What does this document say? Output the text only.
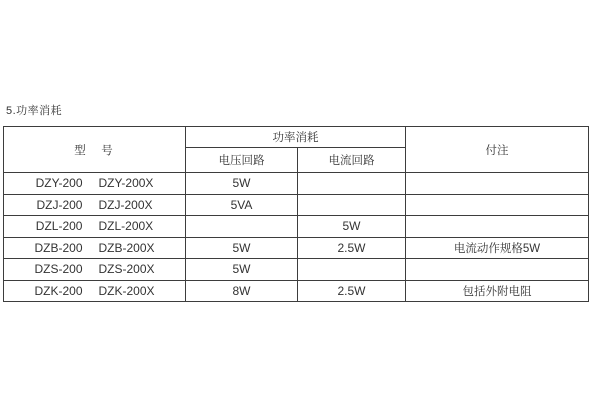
5.功率消耗
型　号	功率消耗		付注
	电压回路	电流回路	

DZY-200 DZY-200X	5W		

DZJ-200 DZJ-200X	5VA		

DZL-200 DZL-200X		5W	

DZB-200 DZB-200X	5W	2.5W	电流动作规格5W

DZS-200 DZS-200X	5W		

DZK-200 DZK-200X	8W	2.5W	包括外附电阻
